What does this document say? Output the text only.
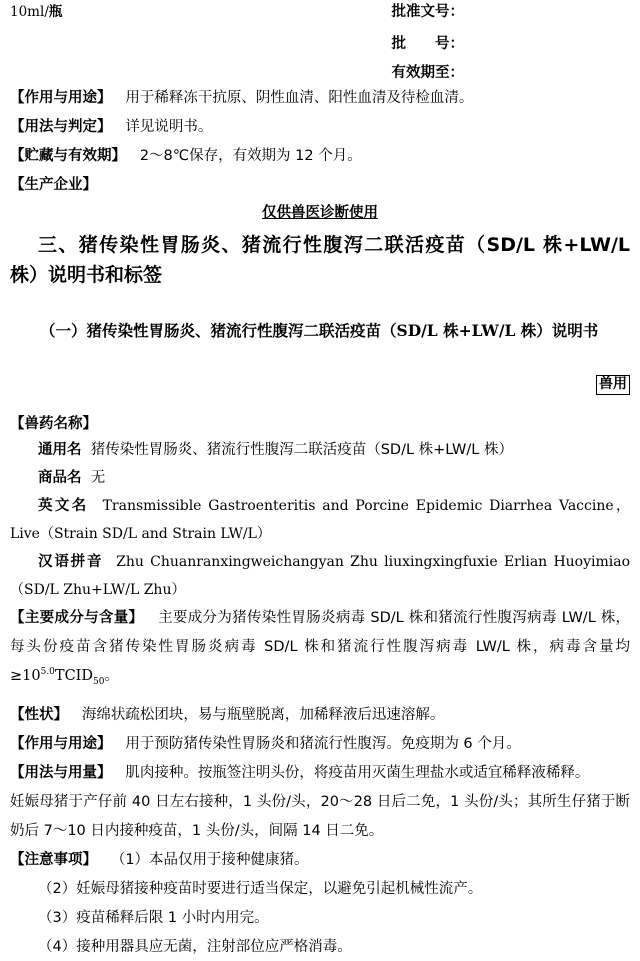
10ml/瓶	批准文号：
批　　号：
有效期至：
【作用与用途】 用于稀释冻干抗原、阴性血清、阳性血清及待检血清。
【用法与判定】 详见说明书。
【贮藏与有效期】 2～8℃保存，有效期为 12 个月。
【生产企业】
仅供兽医诊断使用
三、猪传染性胃肠炎、猪流行性腹泻二联活疫苗（SD/L 株+LW/L 株）说明书和标签
（一）猪传染性胃肠炎、猪流行性腹泻二联活疫苗（SD/L 株+LW/L 株）说明书
兽用
【兽药名称】
通用名 猪传染性胃肠炎、猪流行性腹泻二联活疫苗（SD/L 株+LW/L 株）
商品名 无
英文名 Transmissible Gastroenteritis and Porcine Epidemic Diarrhea Vaccine，Live（Strain SD/L and Strain LW/L）
汉语拼音 Zhu Chuanranxingweichangyan Zhu liuxingxingfuxie Erlian Huoyimiao（SD/L Zhu+LW/L Zhu）
【主要成分与含量】 主要成分为猪传染性胃肠炎病毒 SD/L 株和猪流行性腹泻病毒 LW/L 株，每头份疫苗含猪传染性胃肠炎病毒 SD/L 株和猪流行性腹泻病毒 LW/L 株，病毒含量均$\ge 10^{5.0}TCID_{50}$。
【性状】 海绵状疏松团块，易与瓶壁脱离，加稀释液后迅速溶解。
【作用与用途】 用于预防猪传染性胃肠炎和猪流行性腹泻。免疫期为 6 个月。
【用法与用量】 肌肉接种。按瓶签注明头份，将疫苗用灭菌生理盐水或适宜稀释液稀释。
妊娠母猪于产仔前 40 日左右接种，1 头份/头，20～28 日后二免，1 头份/头；其所生仔猪于断奶后 7～10 日内接种疫苗，1 头份/头，间隔 14 日二免。
【注意事项】 （1）本品仅用于接种健康猪。
（2）妊娠母猪接种疫苗时要进行适当保定，以避免引起机械性流产。
（3）疫苗稀释后限 1 小时内用完。
（4）接种用器具应无菌，注射部位应严格消毒。
